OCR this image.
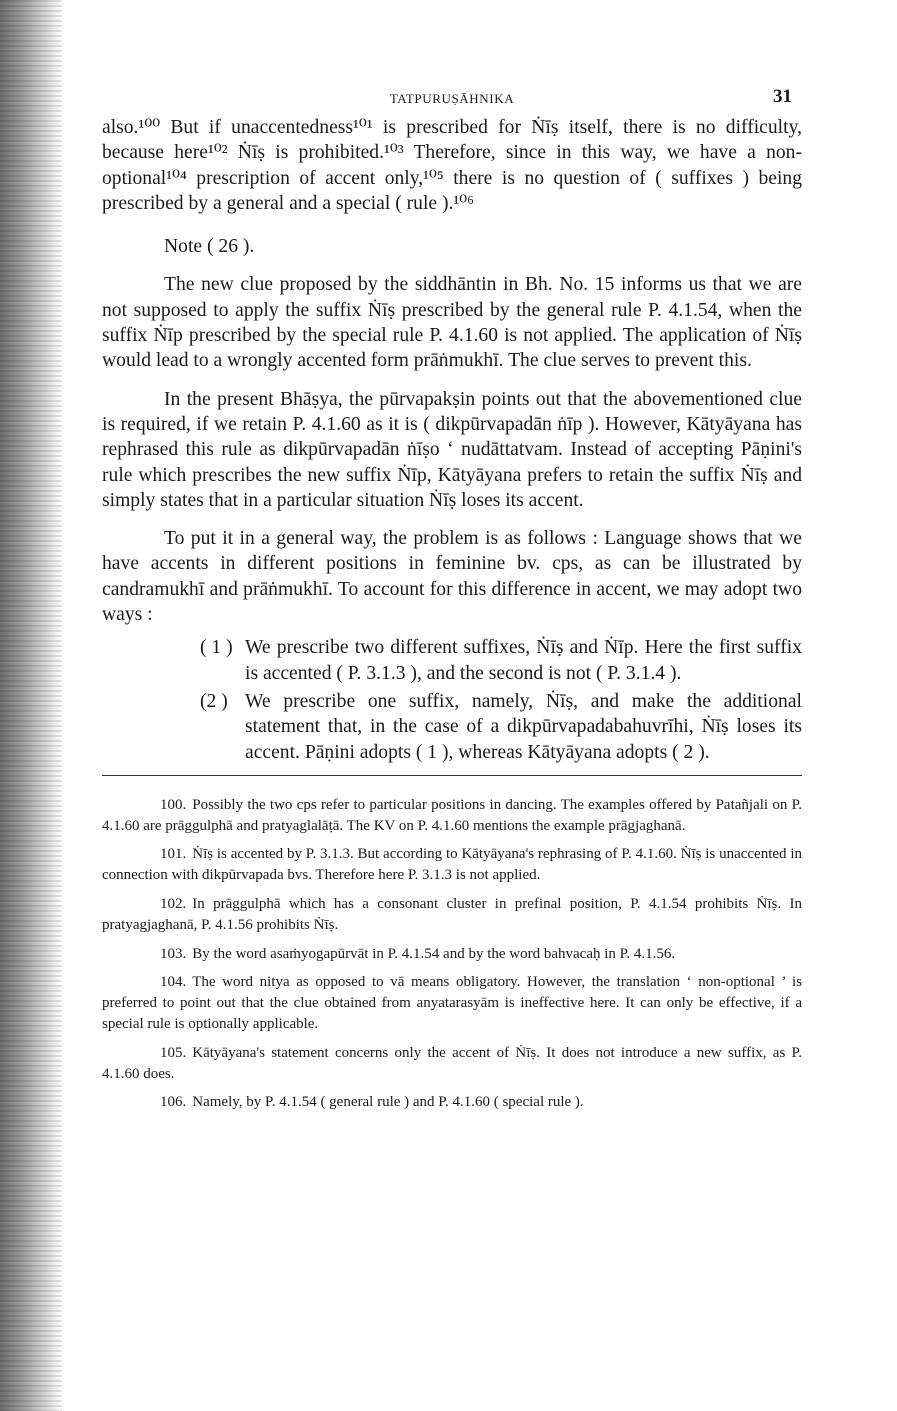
TATPURUṢĀHNIKA	31

also.¹⁰⁰ But if unaccentedness¹⁰¹ is prescribed for Ṅīṣ itself, there is no difficulty, because here¹⁰² Ṅīṣ is prohibited.¹⁰³ Therefore, since in this way, we have a non-optional¹⁰⁴ prescription of accent only,¹⁰⁵ there is no question of ( suffixes ) being prescribed by a general and a special ( rule ).¹⁰⁶

Note ( 26 ).

The new clue proposed by the siddhāntin in Bh. No. 15 informs us that we are not supposed to apply the suffix Ṅīṣ prescribed by the general rule P. 4.1.54, when the suffix Ṅīp prescribed by the special rule P. 4.1.60 is not applied. The application of Ṅīṣ would lead to a wrongly accented form prāṅmukhī. The clue serves to prevent this.

In the present Bhāṣya, the pūrvapakṣin points out that the abovementioned clue is required, if we retain P. 4.1.60 as it is ( dikpūrvapadān ṅīp ). However, Kātyāyana has rephrased this rule as dikpūrvapadān ṅīṣo ‘ nudāttatvam. Instead of accepting Pāṇini's rule which prescribes the new suffix Ṅīp, Kātyāyana prefers to retain the suffix Ṅīṣ and simply states that in a particular situation Ṅīṣ loses its accent.

To put it in a general way, the problem is as follows : Language shows that we have accents in different positions in feminine bv. cps, as can be illustrated by candramukhī and prāṅmukhī. To account for this difference in accent, we may adopt two ways :

( 1 ) We prescribe two different suffixes, Ṅīṣ and Ṅīp. Here the first suffix is accented ( P. 3.1.3 ), and the second is not ( P. 3.1.4 ).
(2 ) We prescribe one suffix, namely, Ṅīṣ, and make the additional statement that, in the case of a dikpūrvapadabahuvrīhi, Ṅīṣ loses its accent. Pāṇini adopts ( 1 ), whereas Kātyāyana adopts ( 2 ).

100. Possibly the two cps refer to particular positions in dancing. The examples offered by Patañjali on P. 4.1.60 are prāggulphā and pratyaglalāṭā. The KV on P. 4.1.60 mentions the example prāgjaghanā.

101. Ṅīṣ is accented by P. 3.1.3. But according to Kātyāyana's rephrasing of P. 4.1.60. Ṅīṣ is unaccented in connection with dikpūrvapada bvs. Therefore here P. 3.1.3 is not applied.

102. In prāggulphā which has a consonant cluster in prefinal position, P. 4.1.54 prohibits Ṅīṣ. In pratyagjaghanā, P. 4.1.56 prohibits Ṅīṣ.

103. By the word asaṁyogapūrvāt in P. 4.1.54 and by the word bahvacaḥ in P. 4.1.56.

104. The word nitya as opposed to vā means obligatory. However, the translation ‘ non-optional ’ is preferred to point out that the clue obtained from anyatarasyām is ineffective here. It can only be effective, if a special rule is optionally applicable.

105. Kātyāyana's statement concerns only the accent of Ṅīṣ. It does not introduce a new suffix, as P. 4.1.60 does.

106. Namely, by P. 4.1.54 ( general rule ) and P. 4.1.60 ( special rule ).
